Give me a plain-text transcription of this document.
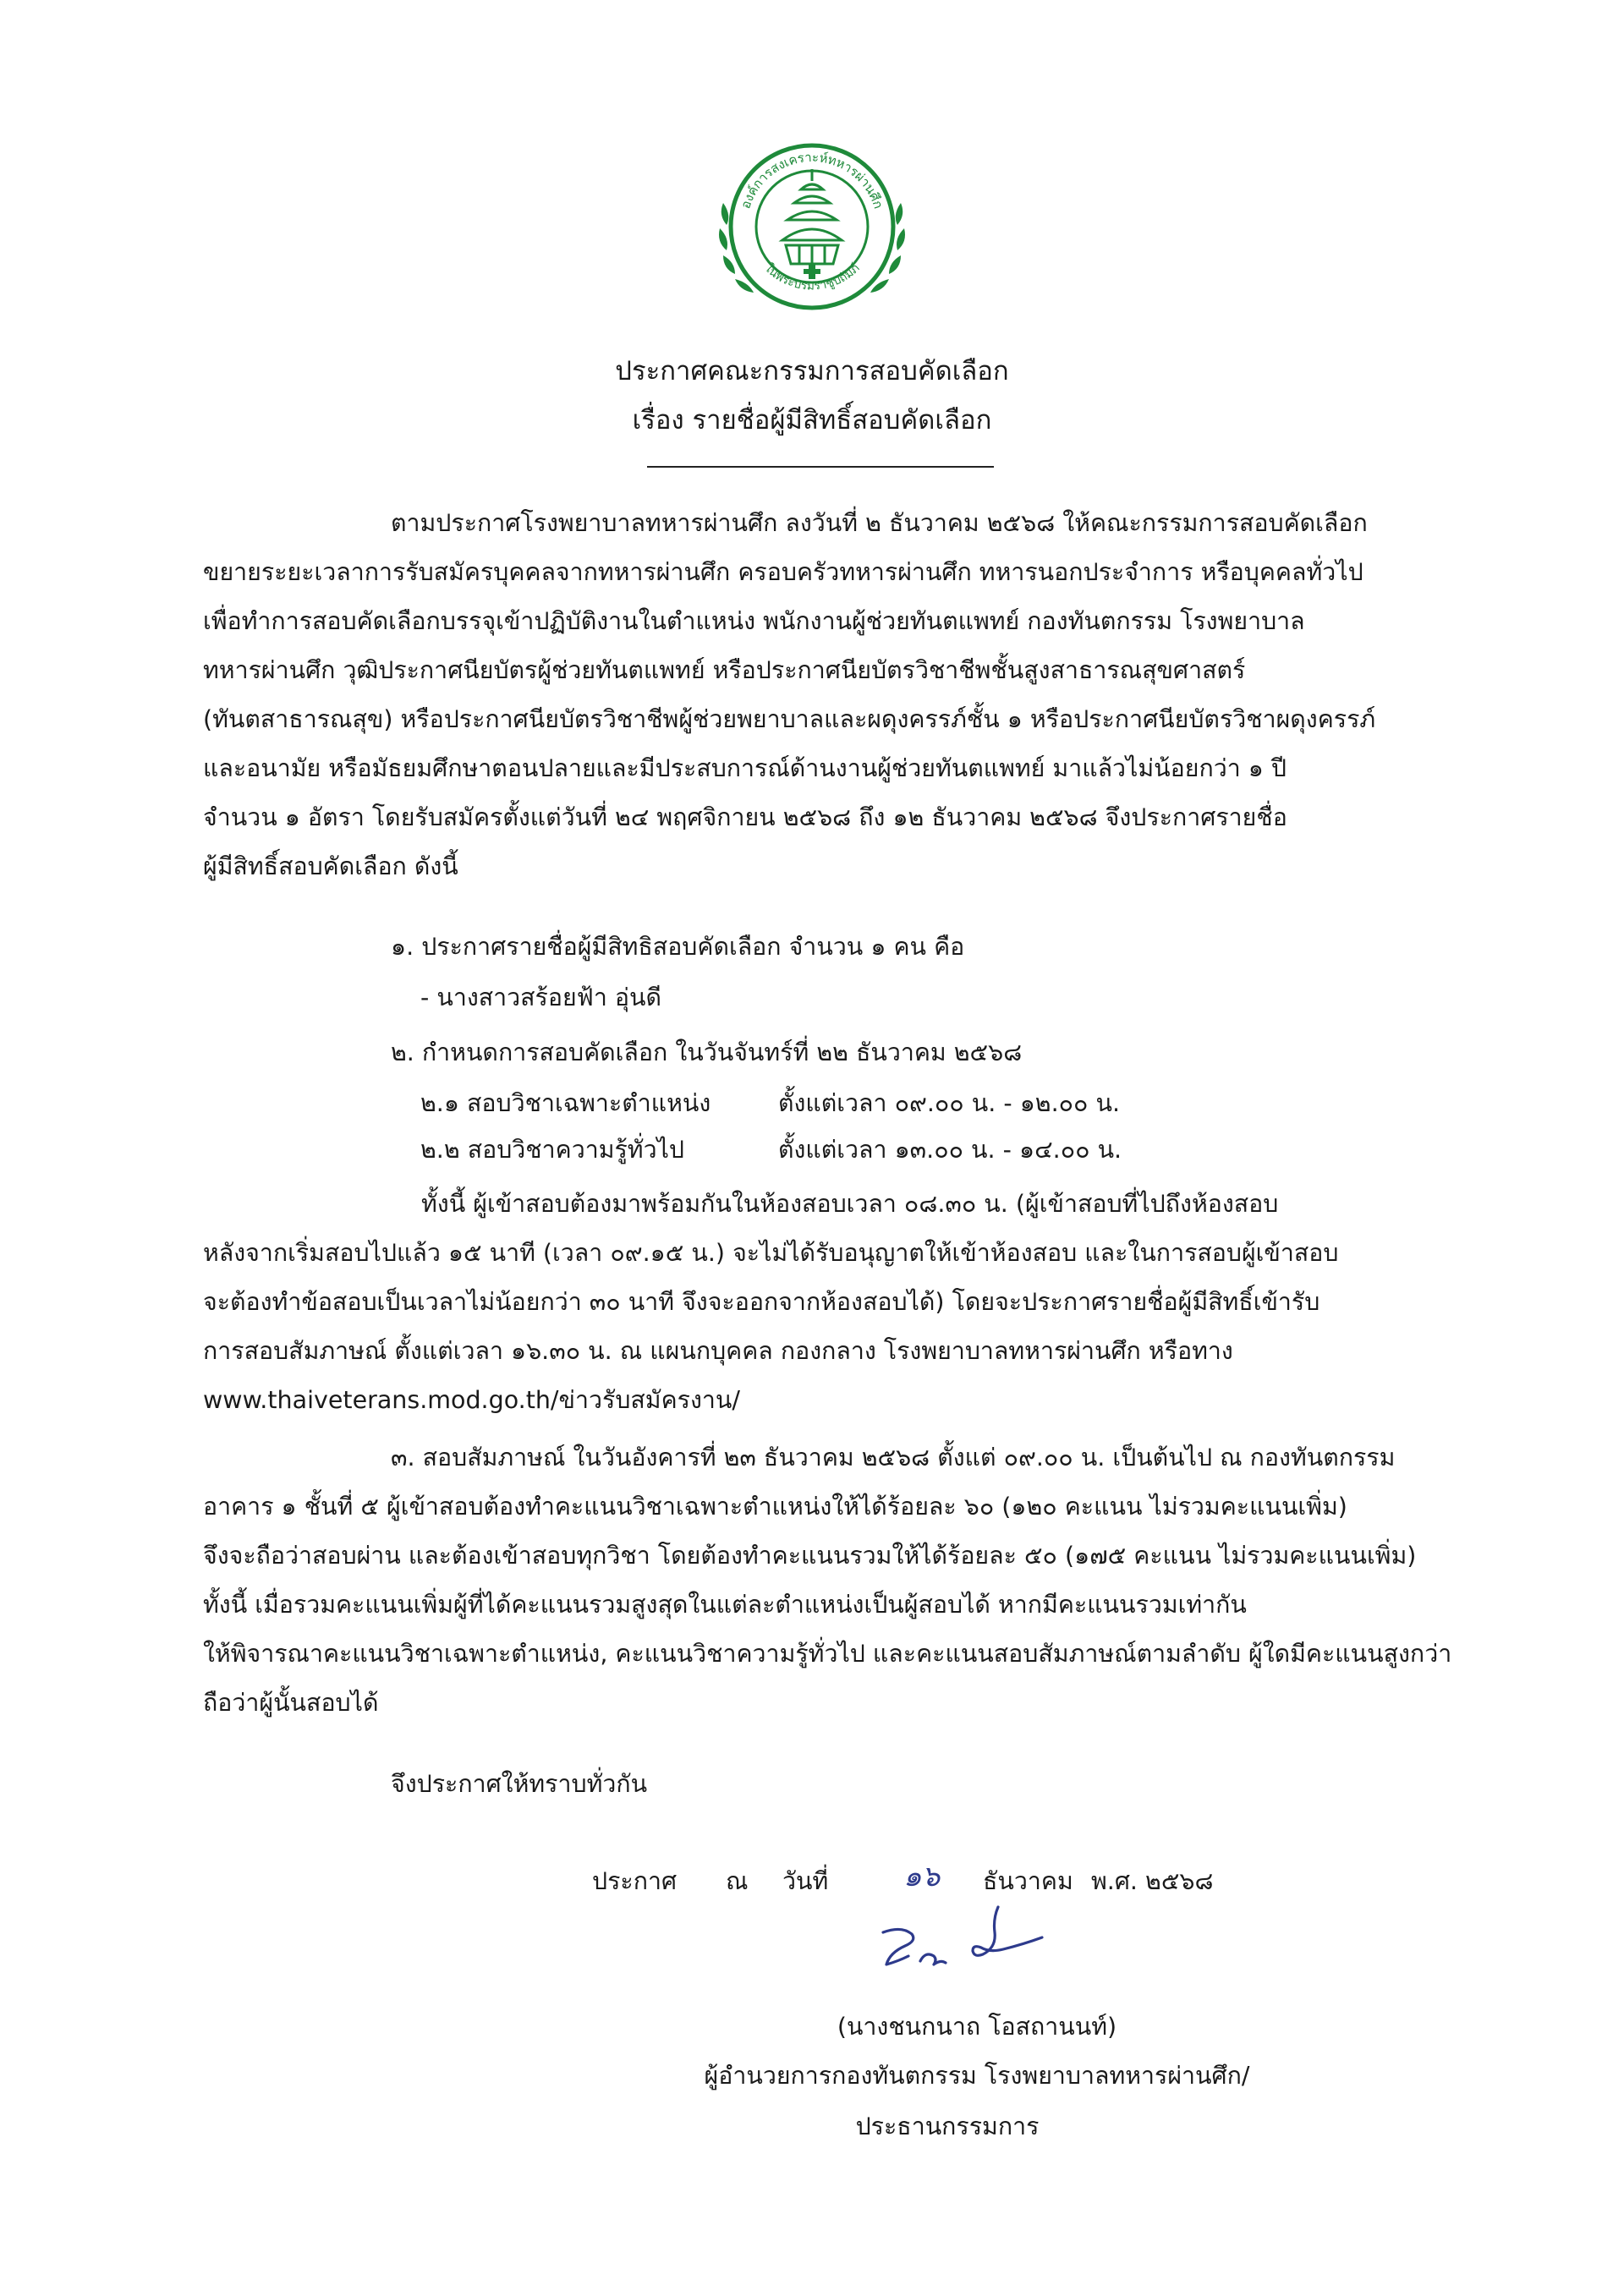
องค์การสงเคราะห์ทหารผ่านศึก
ในพระบรมราชูปถัมภ์
ประกาศคณะกรรมการสอบคัดเลือก
เรื่อง รายชื่อผู้มีสิทธิ์สอบคัดเลือก
ตามประกาศโรงพยาบาลทหารผ่านศึก ลงวันที่ ๒ ธันวาคม ๒๕๖๘ ให้คณะกรรมการสอบคัดเลือก
ขยายระยะเวลาการรับสมัครบุคคลจากทหารผ่านศึก ครอบครัวทหารผ่านศึก ทหารนอกประจำการ หรือบุคคลทั่วไป
เพื่อทำการสอบคัดเลือกบรรจุเข้าปฏิบัติงานในตำแหน่ง พนักงานผู้ช่วยทันตแพทย์ กองทันตกรรม โรงพยาบาล
ทหารผ่านศึก วุฒิประกาศนียบัตรผู้ช่วยทันตแพทย์ หรือประกาศนียบัตรวิชาชีพชั้นสูงสาธารณสุขศาสตร์
(ทันตสาธารณสุข) หรือประกาศนียบัตรวิชาชีพผู้ช่วยพยาบาลและผดุงครรภ์ชั้น ๑ หรือประกาศนียบัตรวิชาผดุงครรภ์
และอนามัย หรือมัธยมศึกษาตอนปลายและมีประสบการณ์ด้านงานผู้ช่วยทันตแพทย์ มาแล้วไม่น้อยกว่า ๑ ปี
จำนวน ๑ อัตรา โดยรับสมัครตั้งแต่วันที่ ๒๔ พฤศจิกายน ๒๕๖๘ ถึง ๑๒ ธันวาคม ๒๕๖๘ จึงประกาศรายชื่อ
ผู้มีสิทธิ์สอบคัดเลือก ดังนี้
๑. ประกาศรายชื่อผู้มีสิทธิสอบคัดเลือก จำนวน ๑ คน คือ
- นางสาวสร้อยฟ้า อุ่นดี
๒. กำหนดการสอบคัดเลือก ในวันจันทร์ที่ ๒๒ ธันวาคม ๒๕๖๘
๒.๑ สอบวิชาเฉพาะตำแหน่ง	ตั้งแต่เวลา ๐๙.๐๐ น. - ๑๒.๐๐ น.
๒.๒ สอบวิชาความรู้ทั่วไป	ตั้งแต่เวลา ๑๓.๐๐ น. - ๑๔.๐๐ น.
ทั้งนี้ ผู้เข้าสอบต้องมาพร้อมกันในห้องสอบเวลา ๐๘.๓๐ น. (ผู้เข้าสอบที่ไปถึงห้องสอบ
หลังจากเริ่มสอบไปแล้ว ๑๕ นาที (เวลา ๐๙.๑๕ น.) จะไม่ได้รับอนุญาตให้เข้าห้องสอบ และในการสอบผู้เข้าสอบ
จะต้องทำข้อสอบเป็นเวลาไม่น้อยกว่า ๓๐ นาที จึงจะออกจากห้องสอบได้) โดยจะประกาศรายชื่อผู้มีสิทธิ์เข้ารับ
การสอบสัมภาษณ์ ตั้งแต่เวลา ๑๖.๓๐ น. ณ แผนกบุคคล กองกลาง โรงพยาบาลทหารผ่านศึก หรือทาง
www.thaiveterans.mod.go.th/ข่าวรับสมัครงาน/
๓. สอบสัมภาษณ์ ในวันอังคารที่ ๒๓ ธันวาคม ๒๕๖๘ ตั้งแต่ ๐๙.๐๐ น. เป็นต้นไป ณ กองทันตกรรม
อาคาร ๑ ชั้นที่ ๕ ผู้เข้าสอบต้องทำคะแนนวิชาเฉพาะตำแหน่งให้ได้ร้อยละ ๖๐ (๑๒๐ คะแนน ไม่รวมคะแนนเพิ่ม)
จึงจะถือว่าสอบผ่าน และต้องเข้าสอบทุกวิชา โดยต้องทำคะแนนรวมให้ได้ร้อยละ ๕๐ (๑๗๕ คะแนน ไม่รวมคะแนนเพิ่ม)
ทั้งนี้ เมื่อรวมคะแนนเพิ่มผู้ที่ได้คะแนนรวมสูงสุดในแต่ละตำแหน่งเป็นผู้สอบได้ หากมีคะแนนรวมเท่ากัน
ให้พิจารณาคะแนนวิชาเฉพาะตำแหน่ง, คะแนนวิชาความรู้ทั่วไป และคะแนนสอบสัมภาษณ์ตามลำดับ ผู้ใดมีคะแนนสูงกว่า
ถือว่าผู้นั้นสอบได้
จึงประกาศให้ทราบทั่วกัน
ประกาศ ณ วันที่	๑๖ ธันวาคม พ.ศ. ๒๕๖๘
(นางชนกนาถ โอสถานนท์)
ผู้อำนวยการกองทันตกรรม โรงพยาบาลทหารผ่านศึก/
ประธานกรรมการ
